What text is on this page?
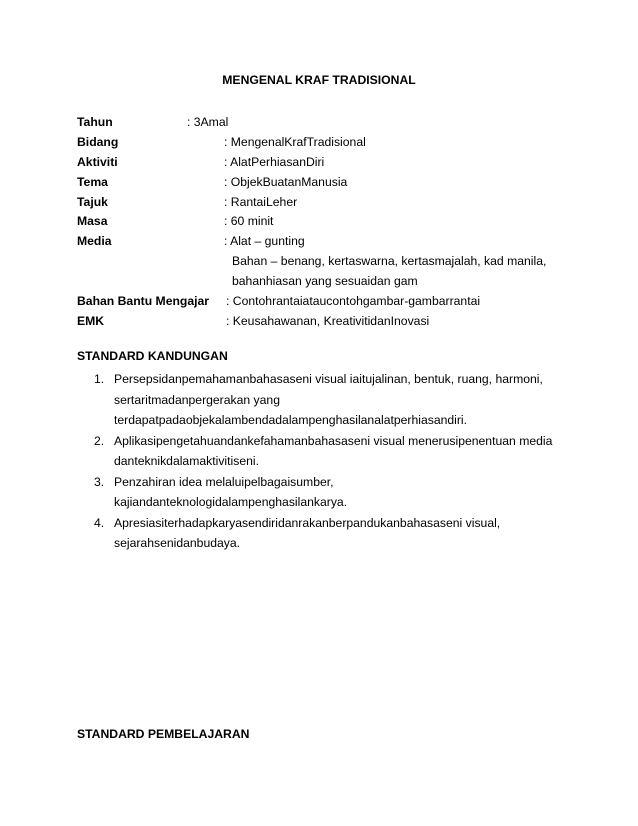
MENGENAL KRAF TRADISIONAL
Tahun	: 3Amal
Bidang	: MengenalKrafTradisional
Aktiviti	: AlatPerhiasanDiri
Tema	: ObjekBuatanManusia
Tajuk	: RantaiLeher
Masa	: 60 minit
Media	: Alat – gunting
Bahan – benang, kertaswarna, kertasmajalah, kad manila,
bahanhiasan yang sesuaidan gam
Bahan Bantu Mengajar : Contohrantaiataucontohgambar-gambarrantai
EMK	: Keusahawanan, KreativitidanInovasi
STANDARD KANDUNGAN
1. Persepsidanpemahamanbahasaseni visual iaitujalinan, bentuk, ruang, harmoni, sertaritmadanpergerakan yang terdapatpadaobjekalambendadalampenghasilanalatperhiasandiri.
2. Aplikasipengetahuandankefahamanbahasaseni visual menerusipenentuan media danteknikdalamaktivitiseni.
3. Penzahiran idea melaluipelbagaisumber, kajiandanteknologidalampenghasilankarya.
4. Apresiasiterhadapkaryasendiridanrakanberpandukanbahasaseni visual, sejarahsenidanbudaya.
STANDARD PEMBELAJARAN
